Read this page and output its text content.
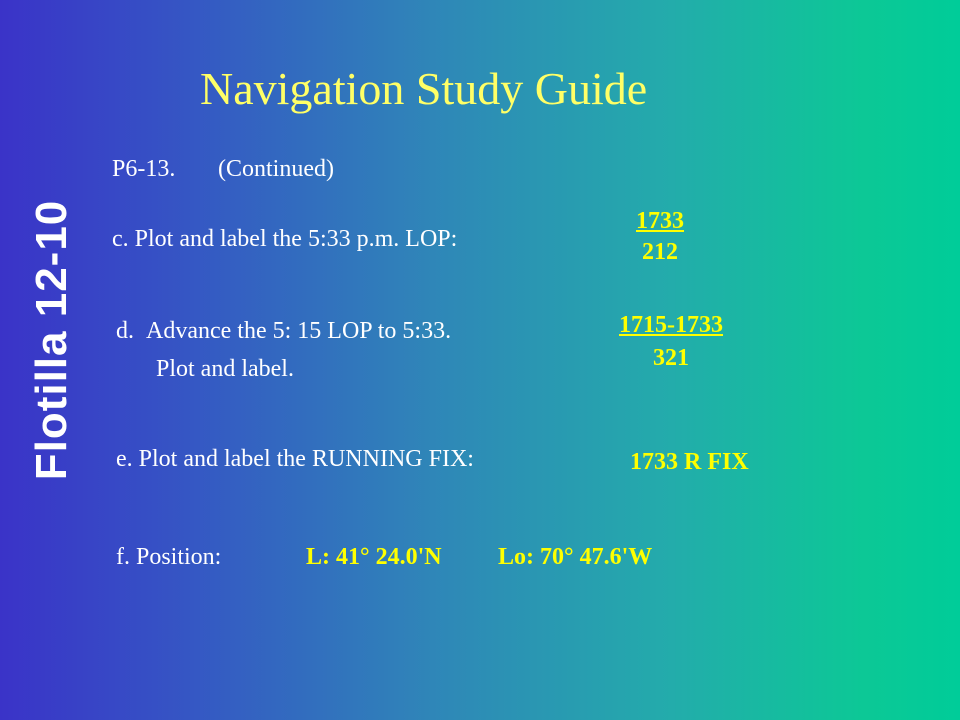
Flotilla 12-10
Navigation Study Guide
P6-13. (Continued)
c. Plot and label the 5:33 p.m. LOP:
1733
212
d. Advance the 5: 15 LOP to 5:33.
Plot and label.
1715-1733
321
e. Plot and label the RUNNING FIX:	1733 R FIX
f. Position:	L: 41° 24.0'N Lo: 70° 47.6'W
